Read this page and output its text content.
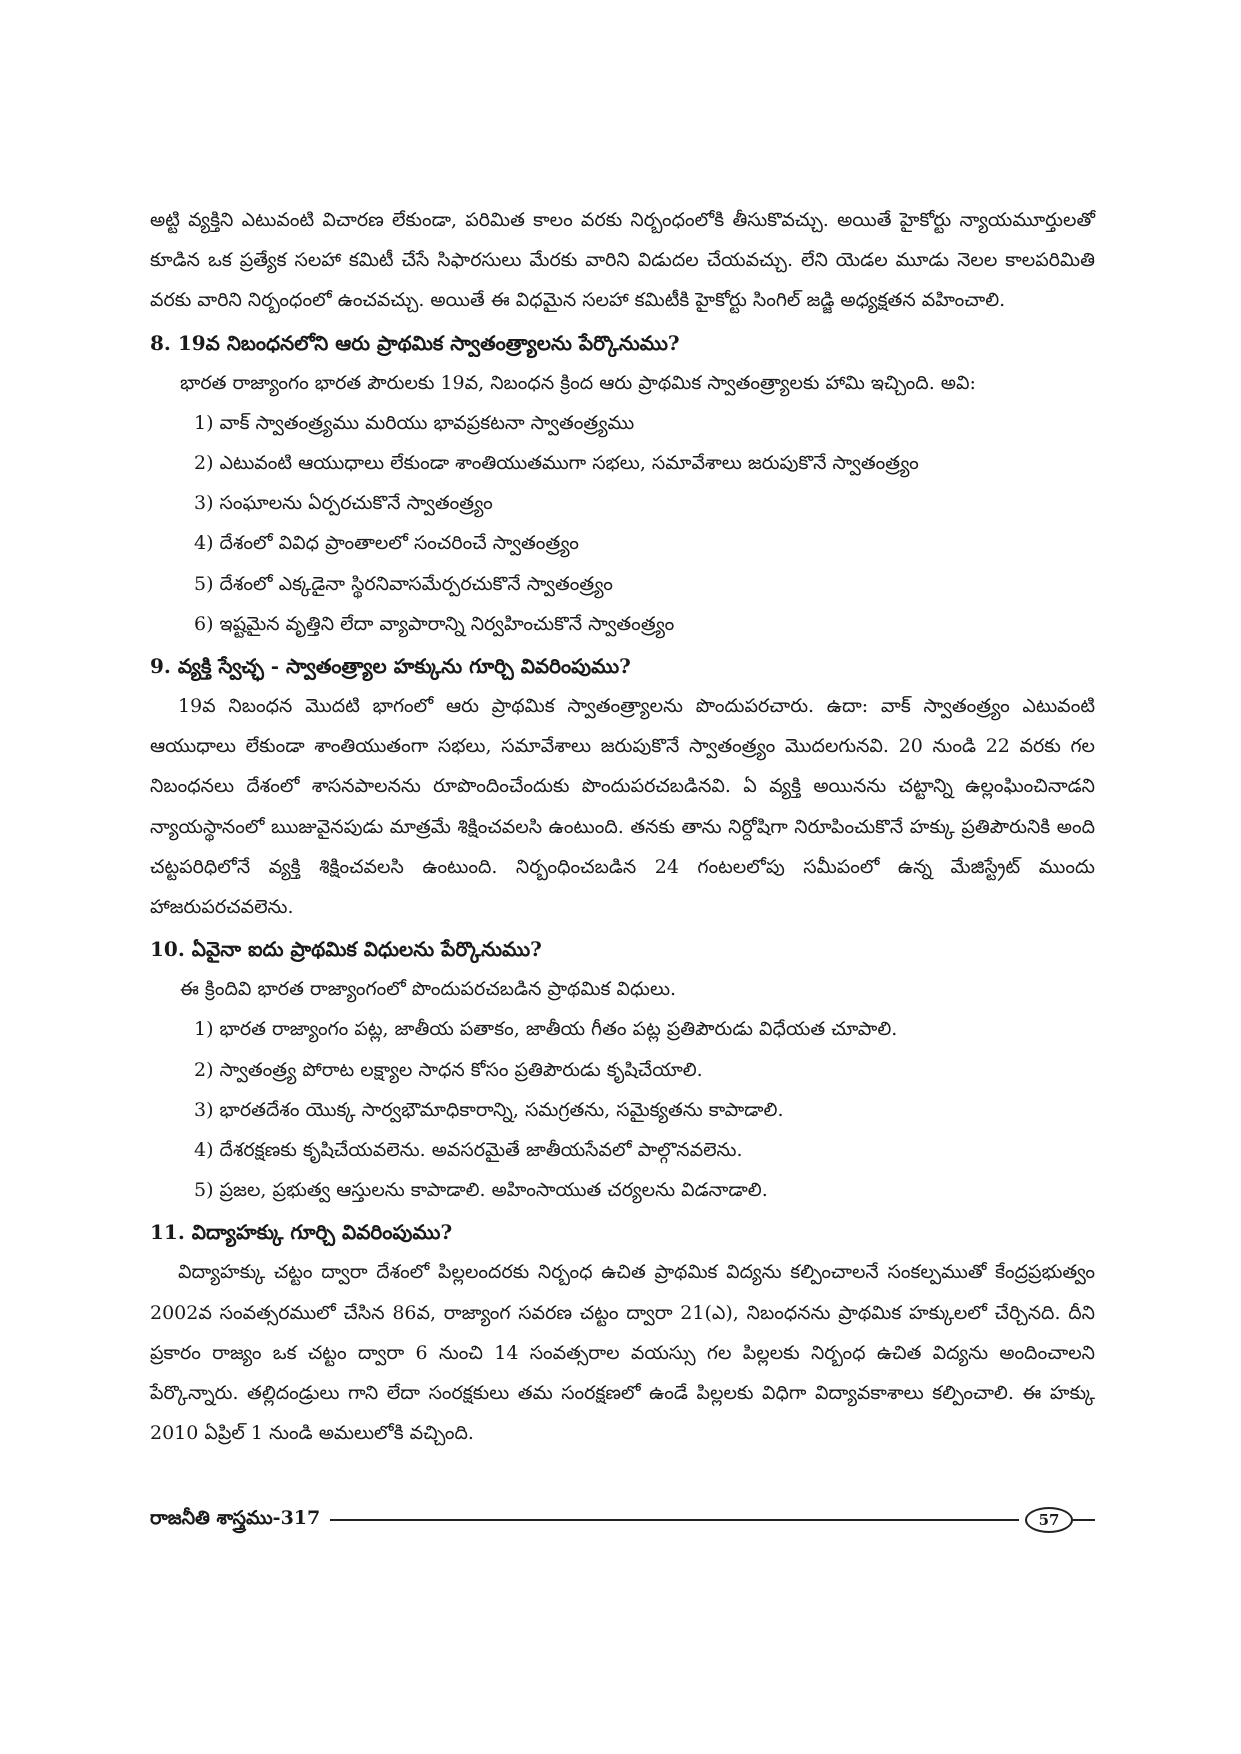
అట్టి వ్యక్తిని ఎటువంటి విచారణ లేకుండా, పరిమిత కాలం వరకు నిర్బంధంలోకి తీసుకొవచ్చు. అయితే హైకోర్టు న్యాయమూర్తులతో కూడిన ఒక ప్రత్యేక సలహా కమిటీ చేసే సిఫారసులు మేరకు వారిని విడుదల చేయవచ్చు. లేని యెడల మూడు నెలల కాలపరిమితి వరకు వారిని నిర్బంధంలో ఉంచవచ్చు. అయితే ఈ విధమైన సలహా కమిటీకి హైకోర్టు సింగిల్ జడ్జి అధ్యక్షతన వహించాలి.

8. 19వ నిబంధనలోని ఆరు ప్రాథమిక స్వాతంత్ర్యాలను పేర్కొనుము?

భారత రాజ్యాంగం భారత పౌరులకు 19వ, నిబంధన క్రింద ఆరు ప్రాథమిక స్వాతంత్ర్యాలకు హామి ఇచ్చింది. అవి:

1) వాక్ స్వాతంత్ర్యము మరియు భావప్రకటనా స్వాతంత్ర్యము
2) ఎటువంటి ఆయుధాలు లేకుండా శాంతియుతముగా సభలు, సమావేశాలు జరుపుకొనే స్వాతంత్ర్యం
3) సంఘాలను ఏర్పరచుకొనే స్వాతంత్ర్యం
4) దేశంలో వివిధ ప్రాంతాలలో సంచరించే స్వాతంత్ర్యం
5) దేశంలో ఎక్కడైనా స్థిరనివాసమేర్పరచుకొనే స్వాతంత్ర్యం
6) ఇష్టమైన వృత్తిని లేదా వ్యాపారాన్ని నిర్వహించుకొనే స్వాతంత్ర్యం
9. వ్యక్తి స్వేచ్ఛ - స్వాతంత్ర్యాల హక్కును గూర్చి వివరింపుము?

19వ నిబంధన మొదటి భాగంలో ఆరు ప్రాథమిక స్వాతంత్ర్యాలను పొందుపరచారు. ఉదా: వాక్ స్వాతంత్ర్యం ఎటువంటి ఆయుధాలు లేకుండా శాంతియుతంగా సభలు, సమావేశాలు జరుపుకొనే స్వాతంత్ర్యం మొదలగునవి. 20 నుండి 22 వరకు గల నిబంధనలు దేశంలో శాసనపాలనను రూపొందించేందుకు పొందుపరచబడినవి. ఏ వ్యక్తి అయినను చట్టాన్ని ఉల్లంఘించినాడని న్యాయస్థానంలో ఋజువైనపుడు మాత్రమే శిక్షించవలసి ఉంటుంది. తనకు తాను నిర్దోషిగా నిరూపించుకొనే హక్కు ప్రతిపౌరునికి అంది చట్టపరిధిలోనే వ్యక్తి శిక్షించవలసి ఉంటుంది. నిర్బంధించబడిన 24 గంటలలోపు సమీపంలో ఉన్న మేజిస్ట్రేట్ ముందు హాజరుపరచవలెను.

10. ఏవైనా ఐదు ప్రాథమిక విధులను పేర్కొనుము?

ఈ క్రిందివి భారత రాజ్యాంగంలో పొందుపరచబడిన ప్రాథమిక విధులు.

1) భారత రాజ్యాంగం పట్ల, జాతీయ పతాకం, జాతీయ గీతం పట్ల ప్రతిపౌరుడు విధేయత చూపాలి.
2) స్వాతంత్ర్య పోరాట లక్ష్యాల సాధన కోసం ప్రతిపౌరుడు కృషిచేయాలి.
3) భారతదేశం యొక్క సార్వభౌమాధికారాన్ని, సమగ్రతను, సమైక్యతను కాపాడాలి.
4) దేశరక్షణకు కృషిచేయవలెను. అవసరమైతే జాతీయసేవలో పాల్గొనవలెను.
5) ప్రజల, ప్రభుత్వ ఆస్తులను కాపాడాలి. అహింసాయుత చర్యలను విడనాడాలి.
11. విద్యాహక్కు గూర్చి వివరింపుము?

విద్యాహక్కు చట్టం ద్వారా దేశంలో పిల్లలందరకు నిర్బంధ ఉచిత ప్రాథమిక విద్యను కల్పించాలనే సంకల్పముతో కేంద్రప్రభుత్వం 2002వ సంవత్సరములో చేసిన 86వ, రాజ్యాంగ సవరణ చట్టం ద్వారా 21(ఎ), నిబంధనను ప్రాథమిక హక్కులలో చేర్చినది. దీని ప్రకారం రాజ్యం ఒక చట్టం ద్వారా 6 నుంచి 14 సంవత్సరాల వయస్సు గల పిల్లలకు నిర్బంధ ఉచిత విద్యను అందించాలని పేర్కొన్నారు. తల్లిదండ్రులు గాని లేదా సంరక్షకులు తమ సంరక్షణలో ఉండే పిల్లలకు విధిగా విద్యావకాశాలు కల్పించాలి. ఈ హక్కు 2010 ఏప్రిల్ 1 నుండి అమలులోకి వచ్చింది.

రాజనీతి శాస్త్రము-317	57
